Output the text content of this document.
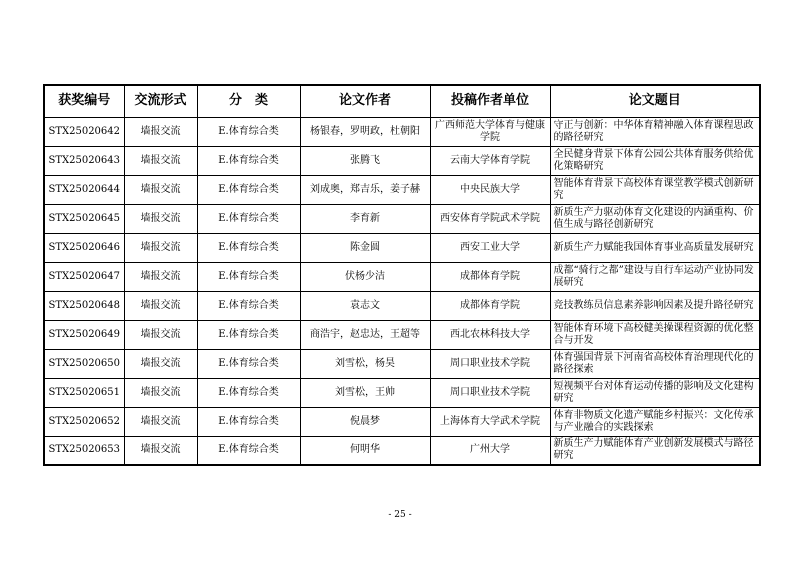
获奖编号	交流形式	分　类	论文作者	投稿作者单位	论文题目
STX25020642	墙报交流	E.体育综合类	杨银春，罗明政，杜朝阳	广西师范大学体育与健康学院	守正与创新：中华体育精神融入体育课程思政的路径研究
STX25020643	墙报交流	E.体育综合类	张腾飞	云南大学体育学院	全民健身背景下体育公园公共体育服务供给优化策略研究
STX25020644	墙报交流	E.体育综合类	刘成奥，郑吉乐，姜子赫	中央民族大学	智能体育背景下高校体育课堂教学模式创新研究
STX25020645	墙报交流	E.体育综合类	李育新	西安体育学院武术学院	新质生产力驱动体育文化建设的内涵重构、价值生成与路径创新研究
STX25020646	墙报交流	E.体育综合类	陈金圆	西安工业大学	新质生产力赋能我国体育事业高质量发展研究
STX25020647	墙报交流	E.体育综合类	伏杨少洁	成都体育学院	成都“骑行之都”建设与自行车运动产业协同发展研究
STX25020648	墙报交流	E.体育综合类	袁志文	成都体育学院	竞技教练员信息素养影响因素及提升路径研究
STX25020649	墙报交流	E.体育综合类	商浩宇，赵忠达，王超等	西北农林科技大学	智能体育环境下高校健美操课程资源的优化整合与开发
STX25020650	墙报交流	E.体育综合类	刘雪松，杨昊	周口职业技术学院	体育强国背景下河南省高校体育治理现代化的路径探索
STX25020651	墙报交流	E.体育综合类	刘雪松，王帅	周口职业技术学院	短视频平台对体育运动传播的影响及文化建构研究
STX25020652	墙报交流	E.体育综合类	倪晨梦	上海体育大学武术学院	体育非物质文化遗产赋能乡村振兴：文化传承与产业融合的实践探索
STX25020653	墙报交流	E.体育综合类	何明华	广州大学	新质生产力赋能体育产业创新发展模式与路径研究
- 25 -
